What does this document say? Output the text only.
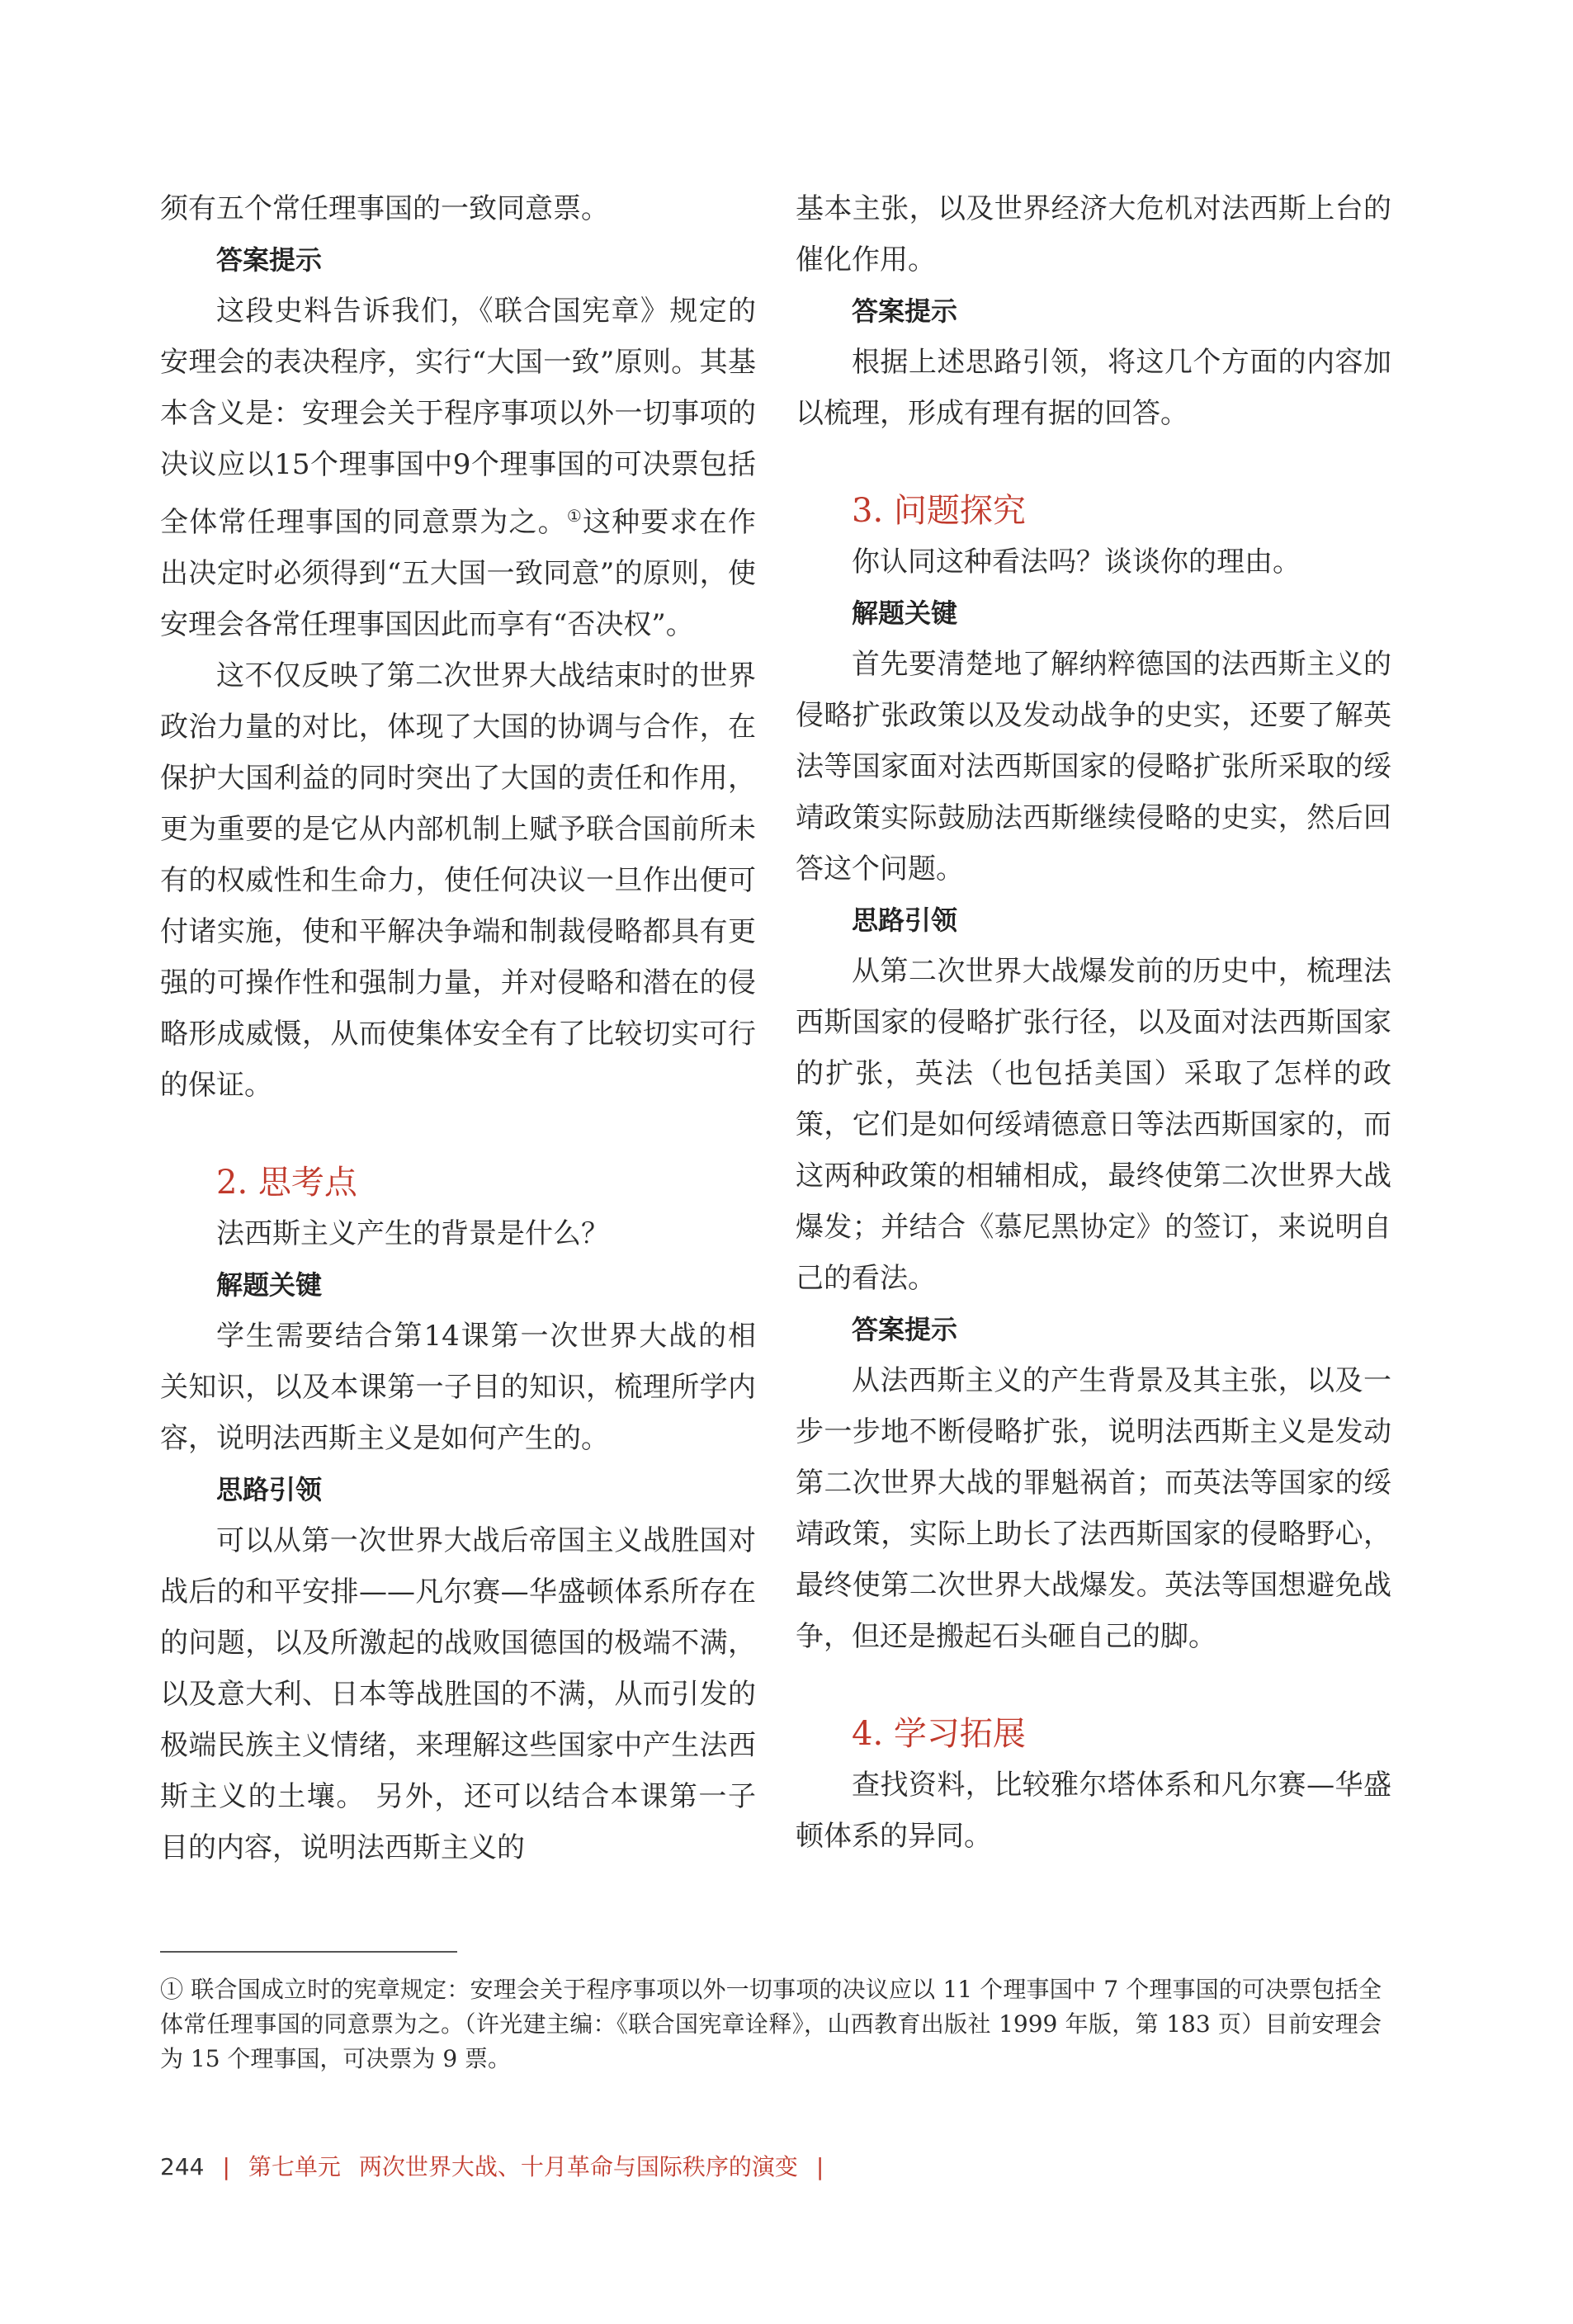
须有五个常任理事国的一致同意票。

答案提示

这段史料告诉我们，《联合国宪章》规定的安理会的表决程序，实行“大国一致”原则。其基本含义是：安理会关于程序事项以外一切事项的决议应以15个理事国中9个理事国的可决票包括全体常任理事国的同意票为之。①这种要求在作出决定时必须得到“五大国一致同意”的原则，使安理会各常任理事国因此而享有“否决权”。

这不仅反映了第二次世界大战结束时的世界政治力量的对比，体现了大国的协调与合作，在保护大国利益的同时突出了大国的责任和作用，更为重要的是它从内部机制上赋予联合国前所未有的权威性和生命力，使任何决议一旦作出便可付诸实施，使和平解决争端和制裁侵略都具有更强的可操作性和强制力量，并对侵略和潜在的侵略形成威慑，从而使集体安全有了比较切实可行的保证。

2. 思考点

法西斯主义产生的背景是什么？

解题关键

学生需要结合第14课第一次世界大战的相关知识，以及本课第一子目的知识，梳理所学内容，说明法西斯主义是如何产生的。

思路引领

可以从第一次世界大战后帝国主义战胜国对战后的和平安排——凡尔赛—华盛顿体系所存在的问题，以及所激起的战败国德国的极端不满，以及意大利、日本等战胜国的不满，从而引发的极端民族主义情绪，来理解这些国家中产生法西斯主义的土壤。 另外，还可以结合本课第一子目的内容，说明法西斯主义的

基本主张，以及世界经济大危机对法西斯上台的催化作用。

答案提示

根据上述思路引领，将这几个方面的内容加以梳理，形成有理有据的回答。

3. 问题探究

你认同这种看法吗？谈谈你的理由。

解题关键

首先要清楚地了解纳粹德国的法西斯主义的侵略扩张政策以及发动战争的史实，还要了解英法等国家面对法西斯国家的侵略扩张所采取的绥靖政策实际鼓励法西斯继续侵略的史实，然后回答这个问题。

思路引领

从第二次世界大战爆发前的历史中，梳理法西斯国家的侵略扩张行径，以及面对法西斯国家的扩张，英法（也包括美国）采取了怎样的政策，它们是如何绥靖德意日等法西斯国家的，而这两种政策的相辅相成，最终使第二次世界大战爆发；并结合《慕尼黑协定》的签订，来说明自己的看法。

答案提示

从法西斯主义的产生背景及其主张，以及一步一步地不断侵略扩张，说明法西斯主义是发动第二次世界大战的罪魁祸首；而英法等国家的绥靖政策，实际上助长了法西斯国家的侵略野心，最终使第二次世界大战爆发。英法等国想避免战争，但还是搬起石头砸自己的脚。

4. 学习拓展

查找资料，比较雅尔塔体系和凡尔赛—华盛顿体系的异同。

① 联合国成立时的宪章规定：安理会关于程序事项以外一切事项的决议应以 11 个理事国中 7 个理事国的可决票包括全体常任理事国的同意票为之。（许光建主编：《联合国宪章诠释》，山西教育出版社 1999 年版，第 183 页）目前安理会为 15 个理事国，可决票为 9 票。

244 | 第七单元 两次世界大战、十月革命与国际秩序的演变 |
